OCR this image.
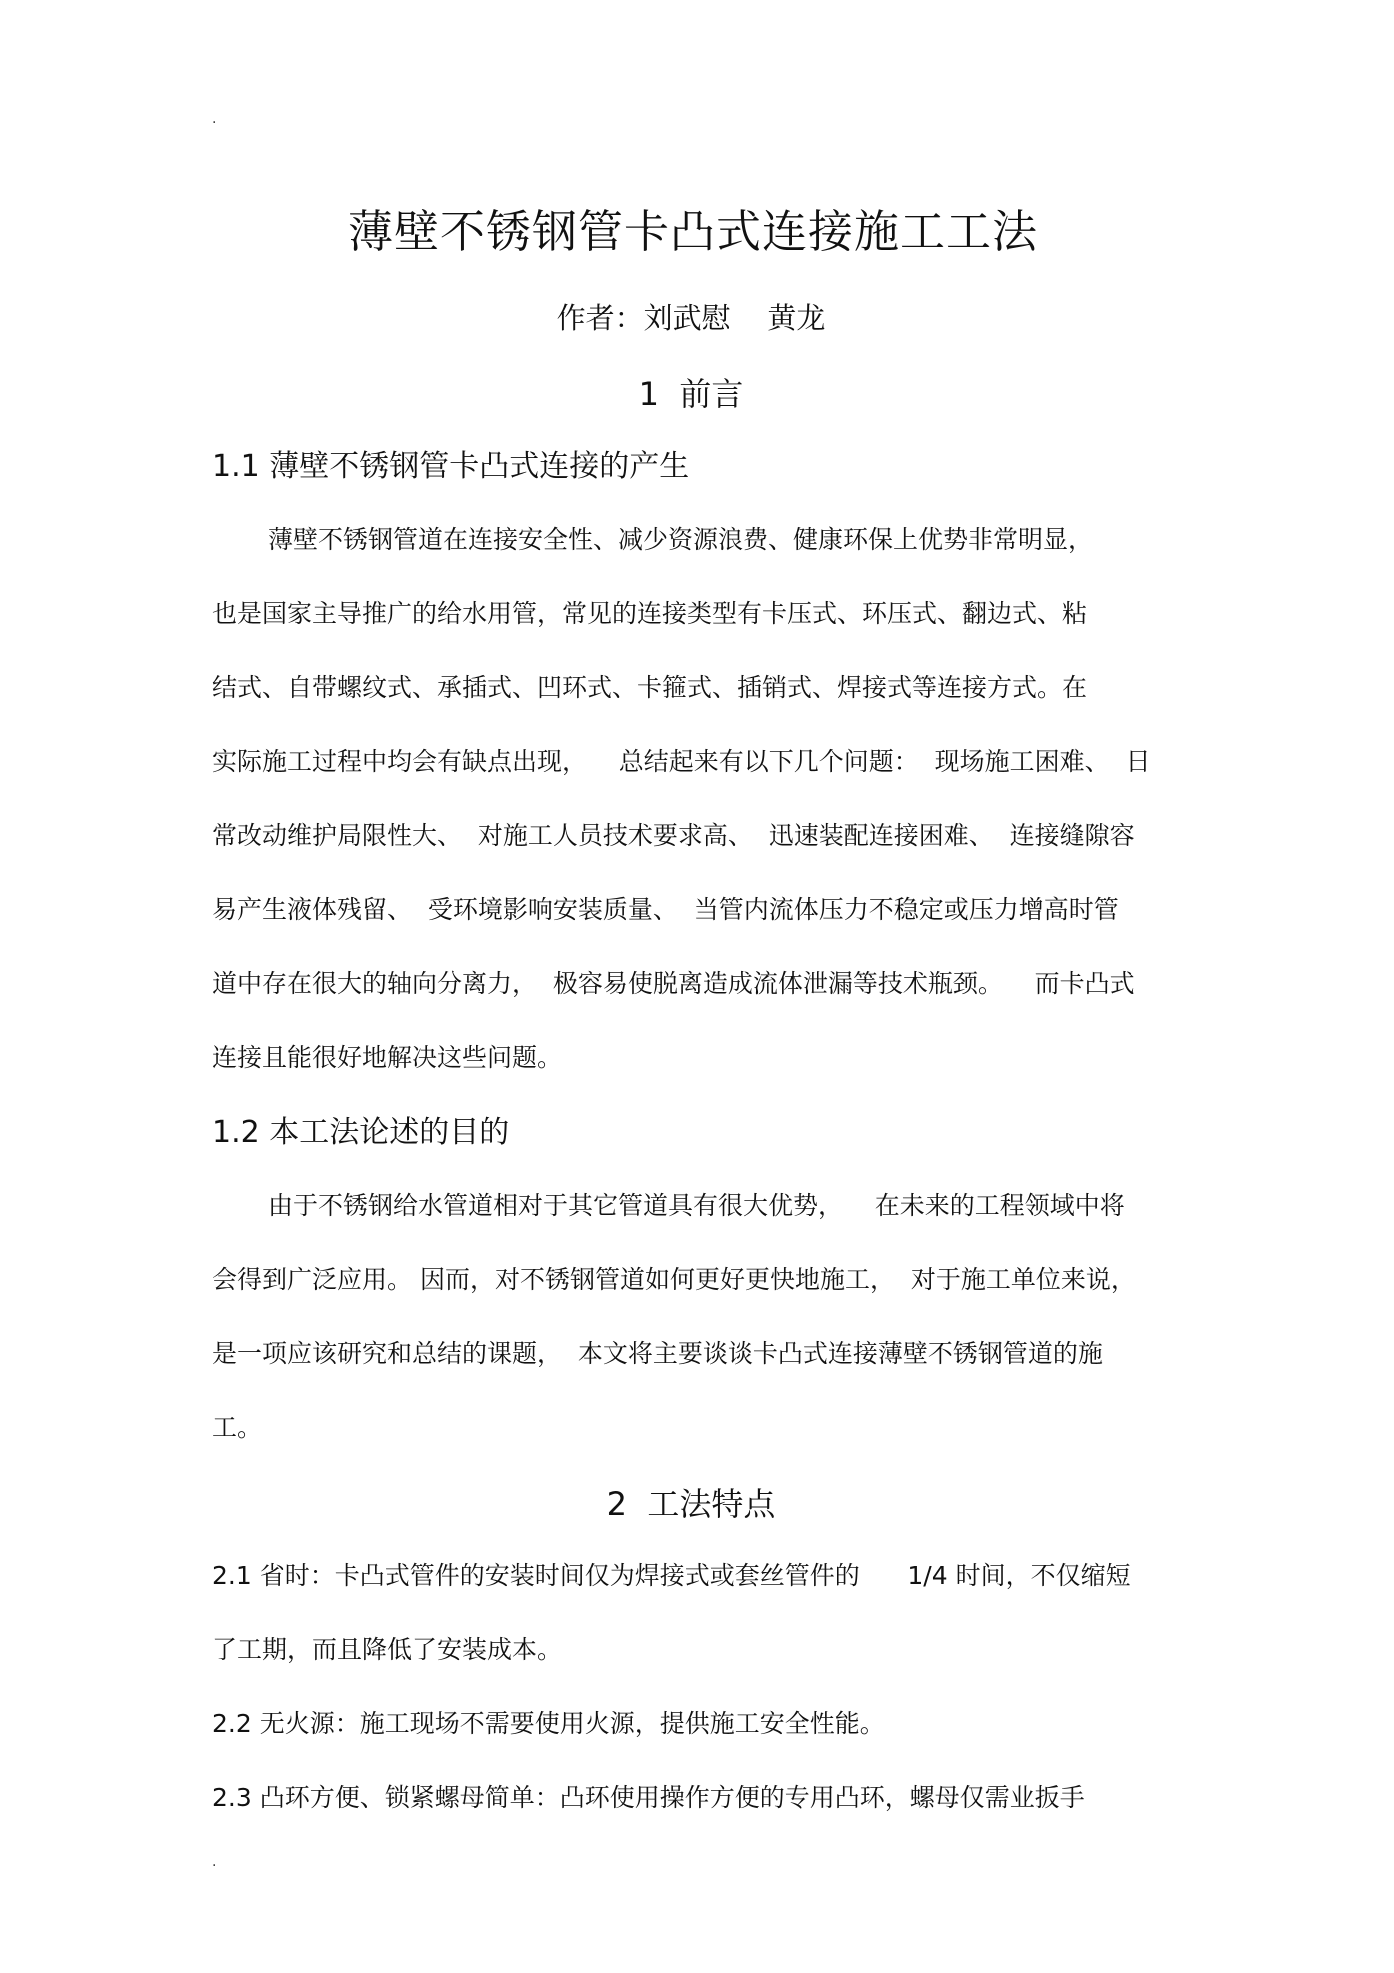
.
薄壁不锈钢管卡凸式连接施工工法
作者：刘武慰    黄龙
1  前言
1.1 薄壁不锈钢管卡凸式连接的产生
薄壁不锈钢管道在连接安全性、减少资源浪费、健康环保上优势非常明显，
也是国家主导推广的给水用管，常见的连接类型有卡压式、环压式、翻边式、粘
结式、自带螺纹式、承插式、凹环式、卡箍式、插销式、焊接式等连接方式。在
实际施工过程中均会有缺点出现，    总结起来有以下几个问题：  现场施工困难、  日
常改动维护局限性大、  对施工人员技术要求高、  迅速装配连接困难、  连接缝隙容
易产生液体残留、  受环境影响安装质量、  当管内流体压力不稳定或压力增高时管
道中存在很大的轴向分离力，  极容易使脱离造成流体泄漏等技术瓶颈。    而卡凸式
连接且能很好地解决这些问题。
1.2 本工法论述的目的
由于不锈钢给水管道相对于其它管道具有很大优势，    在未来的工程领域中将
会得到广泛应用。 因而，对不锈钢管道如何更好更快地施工，  对于施工单位来说，
是一项应该研究和总结的课题，  本文将主要谈谈卡凸式连接薄壁不锈钢管道的施
工。
2  工法特点
2.1 省时：卡凸式管件的安装时间仅为焊接式或套丝管件的      1/4 时间，不仅缩短
了工期，而且降低了安装成本。
2.2 无火源：施工现场不需要使用火源，提供施工安全性能。
2.3 凸环方便、锁紧螺母简单：凸环使用操作方便的专用凸环，螺母仅需业扳手
.
